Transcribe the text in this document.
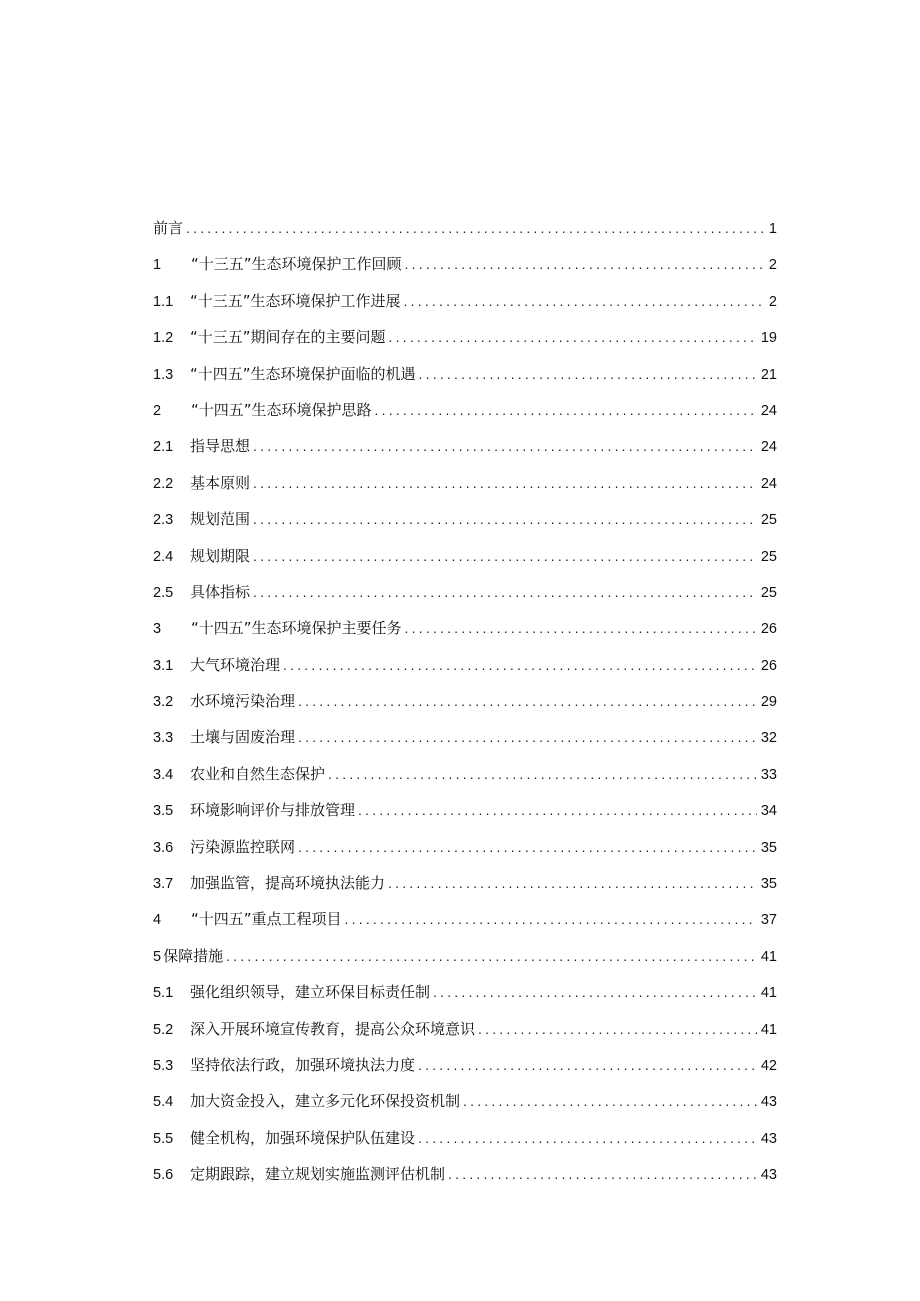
前言 .....	1
1	“十三五”生态环境保护工作回顾 .....	2
1.1	“十三五”生态环境保护工作进展 .....	2
1.2	“十三五”期间存在的主要问题 .....	19
1.3	“十四五”生态环境保护面临的机遇 .....	21
2	“十四五”生态环境保护思路 .....	24
2.1	指导思想 .....	24
2.2	基本原则 .....	24
2.3	规划范围 .....	25
2.4	规划期限 .....	25
2.5	具体指标 .....	25
3	“十四五”生态环境保护主要任务 .....	26
3.1	大气环境治理 .....	26
3.2	水环境污染治理 .....	29
3.3	土壤与固废治理 .....	32
3.4	农业和自然生态保护 .....	33
3.5	环境影响评价与排放管理 .....	34
3.6	污染源监控联网 .....	35
3.7	加强监管，提高环境执法能力 .....	35
4	“十四五”重点工程项目 .....	37
5 保障措施 .....	41
5.1	强化组织领导，建立环保目标责任制 .....	41
5.2	深入开展环境宣传教育，提高公众环境意识 .....	41
5.3	坚持依法行政，加强环境执法力度 .....	42
5.4	加大资金投入，建立多元化环保投资机制 .....	43
5.5	健全机构，加强环境保护队伍建设 .....	43
5.6	定期跟踪，建立规划实施监测评估机制 .....	43
